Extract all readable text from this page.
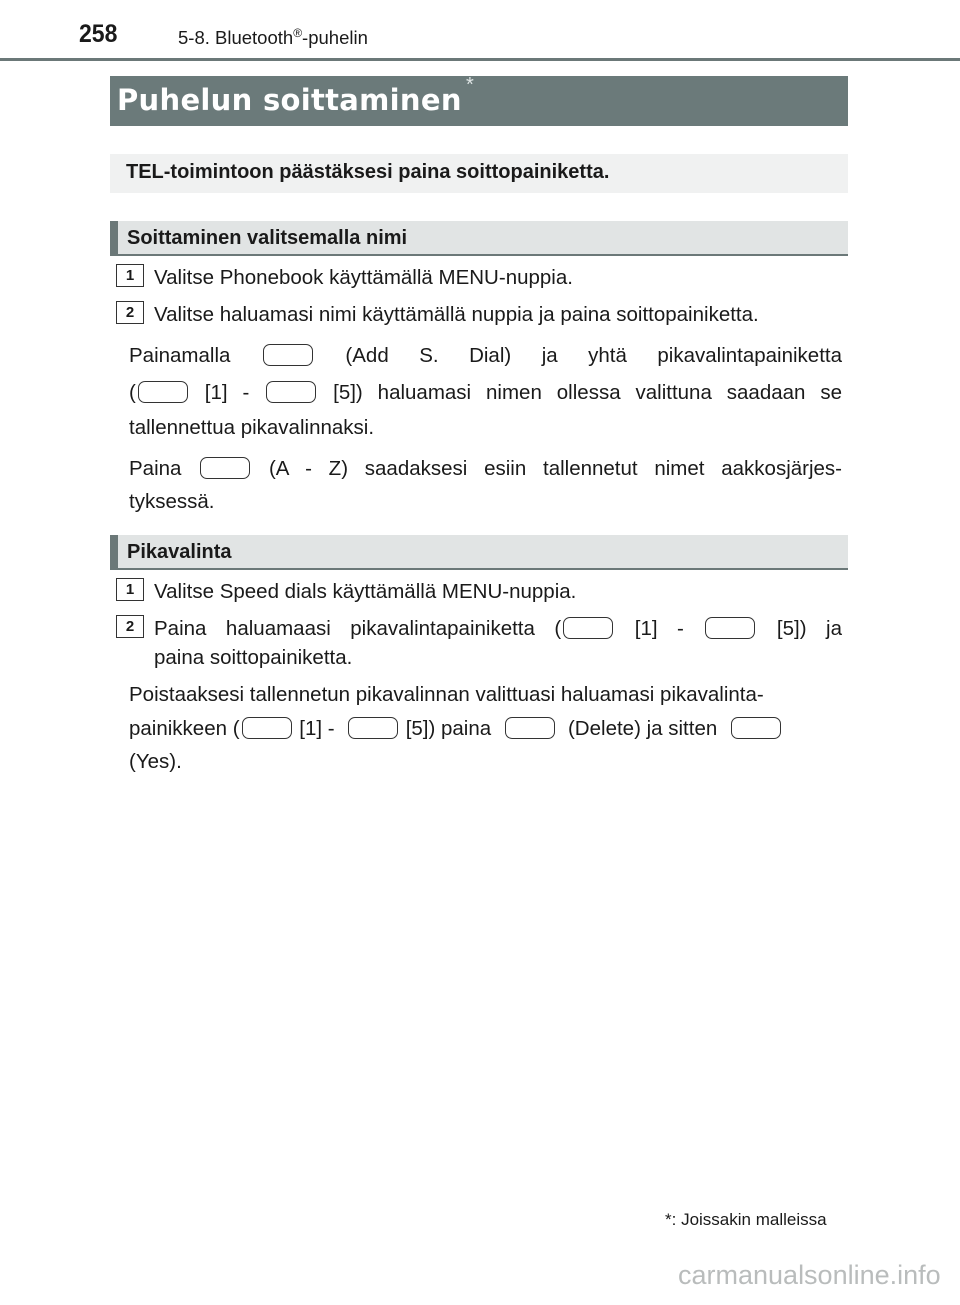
258	5-8. Bluetooth®-puhelin
Puhelun soittaminen *
TEL-toimintoon päästäksesi paina soittopainiketta.
Soittaminen valitsemalla nimi
1 Valitse Phonebook käyttämällä MENU-nuppia.
2 Valitse haluamasi nimi käyttämällä nuppia ja paina soittopainiketta.
Painamalla	(Add S. Dial) ja yhtä pikavalintapainiketta
(	[1] -	[5]) haluamasi nimen ollessa valittuna saadaan se
tallennettua pikavalinnaksi.
Paina	(A - Z) saadaksesi esiin tallennetut nimet aakkosjärjes-
tyksessä.
Pikavalinta
1 Valitse Speed dials käyttämällä MENU-nuppia.
2 Paina haluamaasi pikavalintapainiketta (	[1] -	[5]) ja
paina soittopainiketta.
Poistaaksesi tallennetun pikavalinnan valittuasi haluamasi pikavalinta-
painikkeen (	[1] -	[5]) paina	(Delete) ja sitten
(Yes).
*: Joissakin malleissa
carmanualsonline.info
